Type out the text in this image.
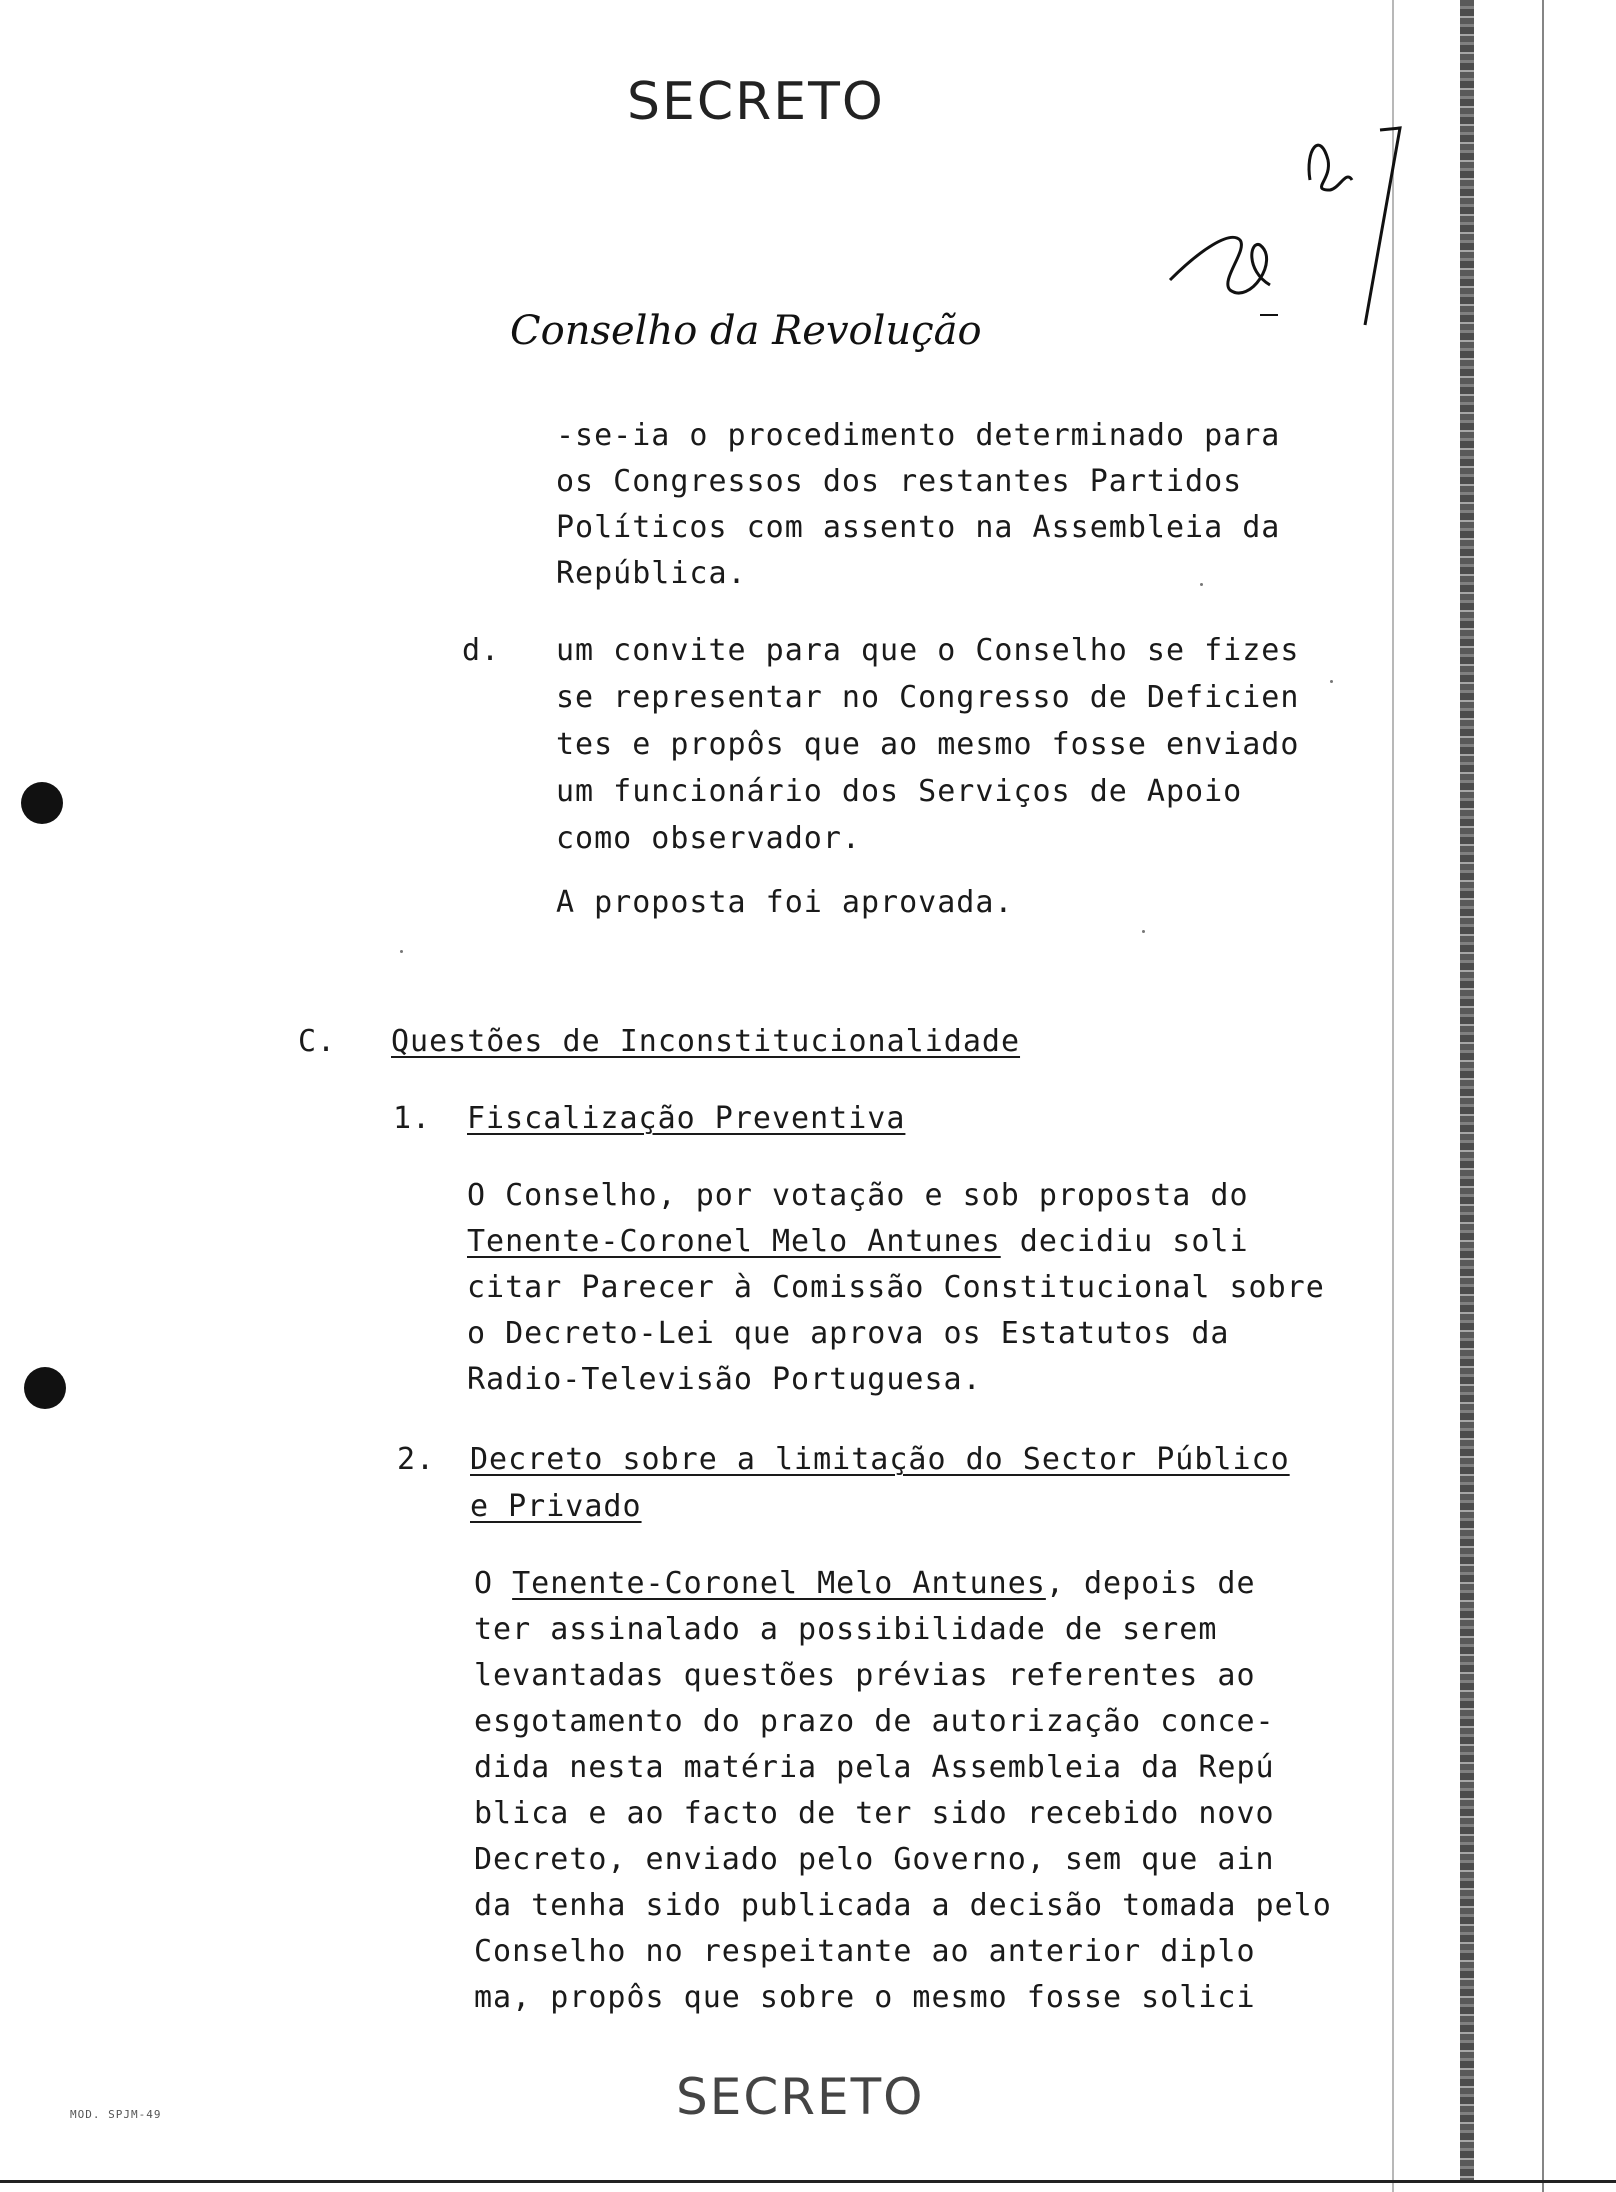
SECRETO
Conselho da Revolução
-se-ia o procedimento determinado para
os Congressos dos restantes Partidos
Políticos com assento na Assembleia da
República.
d. um convite para que o Conselho se fizes
se representar no Congresso de Deficien
tes e propôs que ao mesmo fosse enviado
um funcionário dos Serviços de Apoio
como observador.
A proposta foi aprovada.
C. Questões de Inconstitucionalidade
1. Fiscalização Preventiva
O Conselho, por votação e sob proposta do
Tenente-Coronel Melo Antunes decidiu soli
citar Parecer à Comissão Constitucional sobre
o Decreto-Lei que aprova os Estatutos da
Radio-Televisão Portuguesa.
2. Decreto sobre a limitação do Sector Público
e Privado
O Tenente-Coronel Melo Antunes, depois de
ter assinalado a possibilidade de serem
levantadas questões prévias referentes ao
esgotamento do prazo de autorização conce-
dida nesta matéria pela Assembleia da Repú
blica e ao facto de ter sido recebido novo
Decreto, enviado pelo Governo, sem que ain
da tenha sido publicada a decisão tomada pelo
Conselho no respeitante ao anterior diplo
ma, propôs que sobre o mesmo fosse solici
SECRETO
MOD. SPJM-49
